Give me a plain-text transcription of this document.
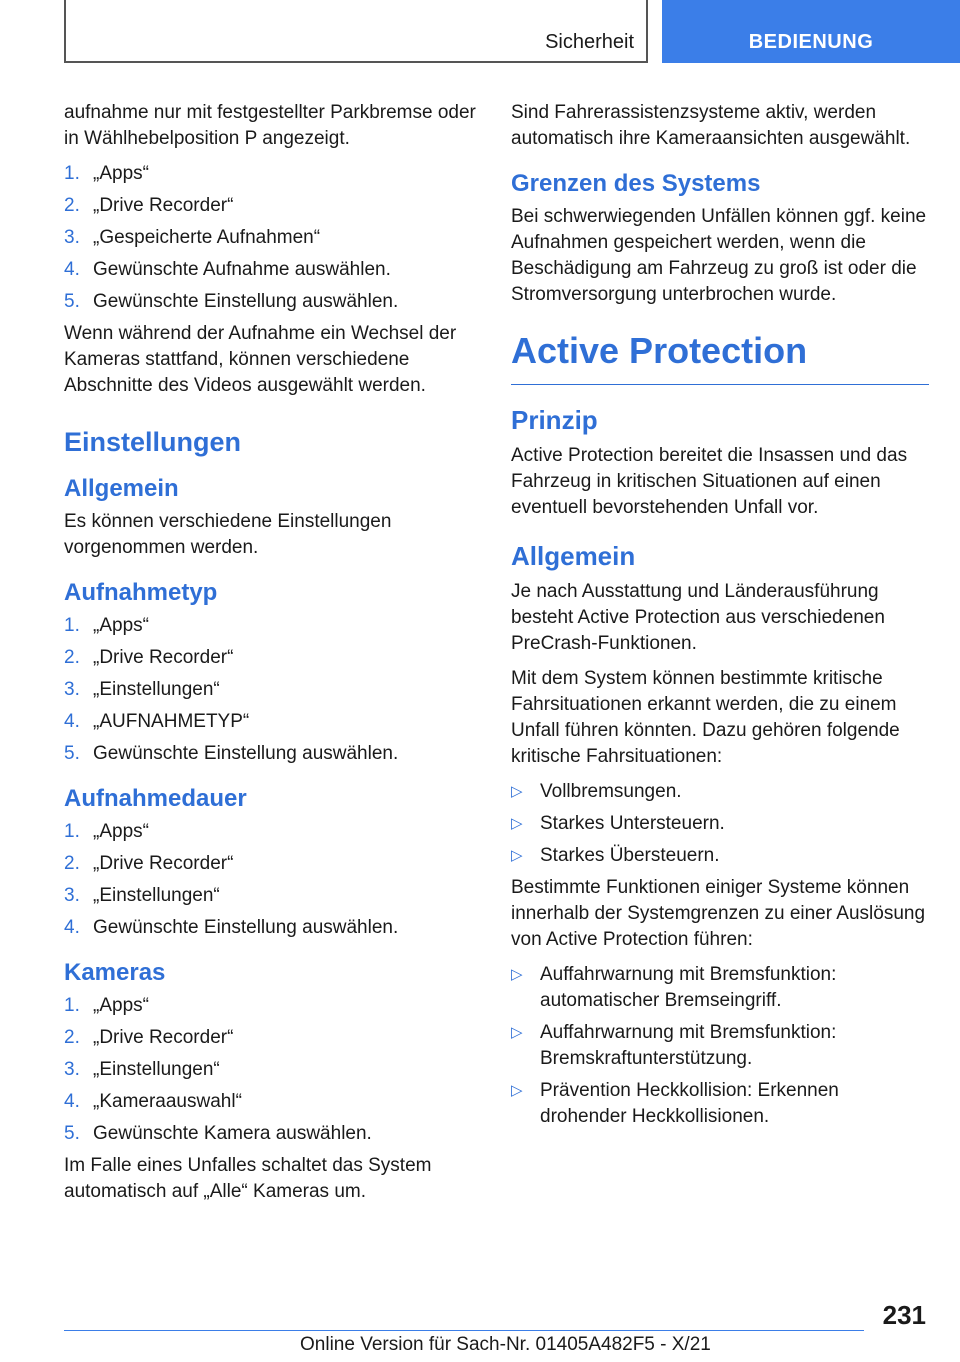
Sicherheit	BEDIENUNG

aufnahme nur mit festgestellter Parkbremse oder in Wählhebelposition P angezeigt.

1. „Apps“
2. „Drive Recorder“
3. „Gespeicherte Aufnahmen“
4. Gewünschte Aufnahme auswählen.
5. Gewünschte Einstellung auswählen.

Wenn während der Aufnahme ein Wechsel der Kameras stattfand, können verschiedene Abschnitte des Videos ausgewählt werden.

Einstellungen
Allgemein

Es können verschiedene Einstellungen vorgenommen werden.

Aufnahmetyp
1. „Apps“
2. „Drive Recorder“
3. „Einstellungen“
4. „AUFNAHMETYP“
5. Gewünschte Einstellung auswählen.
Aufnahmedauer
1. „Apps“
2. „Drive Recorder“
3. „Einstellungen“
4. Gewünschte Einstellung auswählen.
Kameras
1. „Apps“
2. „Drive Recorder“
3. „Einstellungen“
4. „Kameraauswahl“
5. Gewünschte Kamera auswählen.

Im Falle eines Unfalles schaltet das System automatisch auf „Alle“ Kameras um.

Sind Fahrerassistenzsysteme aktiv, werden automatisch ihre Kameraansichten ausgewählt.

Grenzen des Systems

Bei schwerwiegenden Unfällen können ggf. keine Aufnahmen gespeichert werden, wenn die Beschädigung am Fahrzeug zu groß ist oder die Stromversorgung unterbrochen wurde.

Active Protection
Prinzip

Active Protection bereitet die Insassen und das Fahrzeug in kritischen Situationen auf einen eventuell bevorstehenden Unfall vor.

Allgemein

Je nach Ausstattung und Länderausführung besteht Active Protection aus verschiedenen PreCrash-Funktionen.

Mit dem System können bestimmte kritische Fahrsituationen erkannt werden, die zu einem Unfall führen könnten. Dazu gehören folgende kritische Fahrsituationen:

▷ Vollbremsungen.
▷ Starkes Untersteuern.
▷ Starkes Übersteuern.

Bestimmte Funktionen einiger Systeme können innerhalb der Systemgrenzen zu einer Auslösung von Active Protection führen:

▷ Auffahrwarnung mit Bremsfunktion: automatischer Bremseingriff.
▷ Auffahrwarnung mit Bremsfunktion: Bremskraftunterstützung.
▷ Prävention Heckkollision: Erkennen drohender Heckkollisionen.
231
Online Version für Sach-Nr. 01405A482F5 - X/21
